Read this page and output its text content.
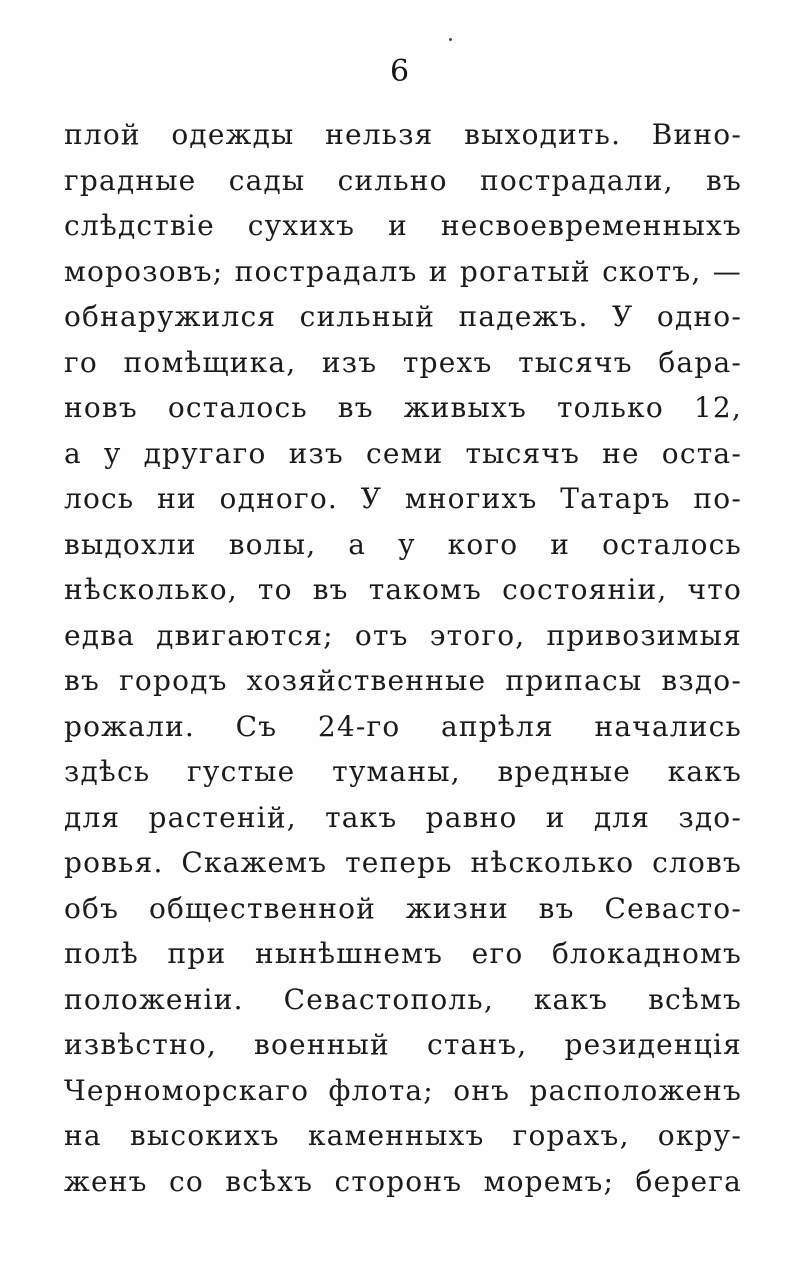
6
плой одежды нельзя выходить. Вино-
градные сады сильно пострадали, въ
слѣдствіе сухихъ и несвоевременныхъ
морозовъ; пострадалъ и рогатый скотъ, —
обнаружился сильный падежъ. У одно-
го помѣщика, изъ трехъ тысячъ бара-
новъ осталось въ живыхъ только 12,
а у другаго изъ семи тысячъ не оста-
лось ни одного. У многихъ Татаръ по-
выдохли волы, а у кого и осталось
нѣсколько, то въ такомъ состояніи, что
едва двигаются; отъ этого, привозимыя
въ городъ хозяйственные припасы вздо-
рожали. Съ 24-го апрѣля начались
здѣсь густые туманы, вредные какъ
для растеній, такъ равно и для здо-
ровья. Скажемъ теперь нѣсколько словъ
объ общественной жизни въ Севасто-
полѣ при нынѣшнемъ его блокадномъ
положеніи. Севастополь, какъ всѣмъ
извѣстно, военный станъ, резиденція
Черноморскаго флота; онъ расположенъ
на высокихъ каменныхъ горахъ, окру-
женъ со всѣхъ сторонъ моремъ; берега
